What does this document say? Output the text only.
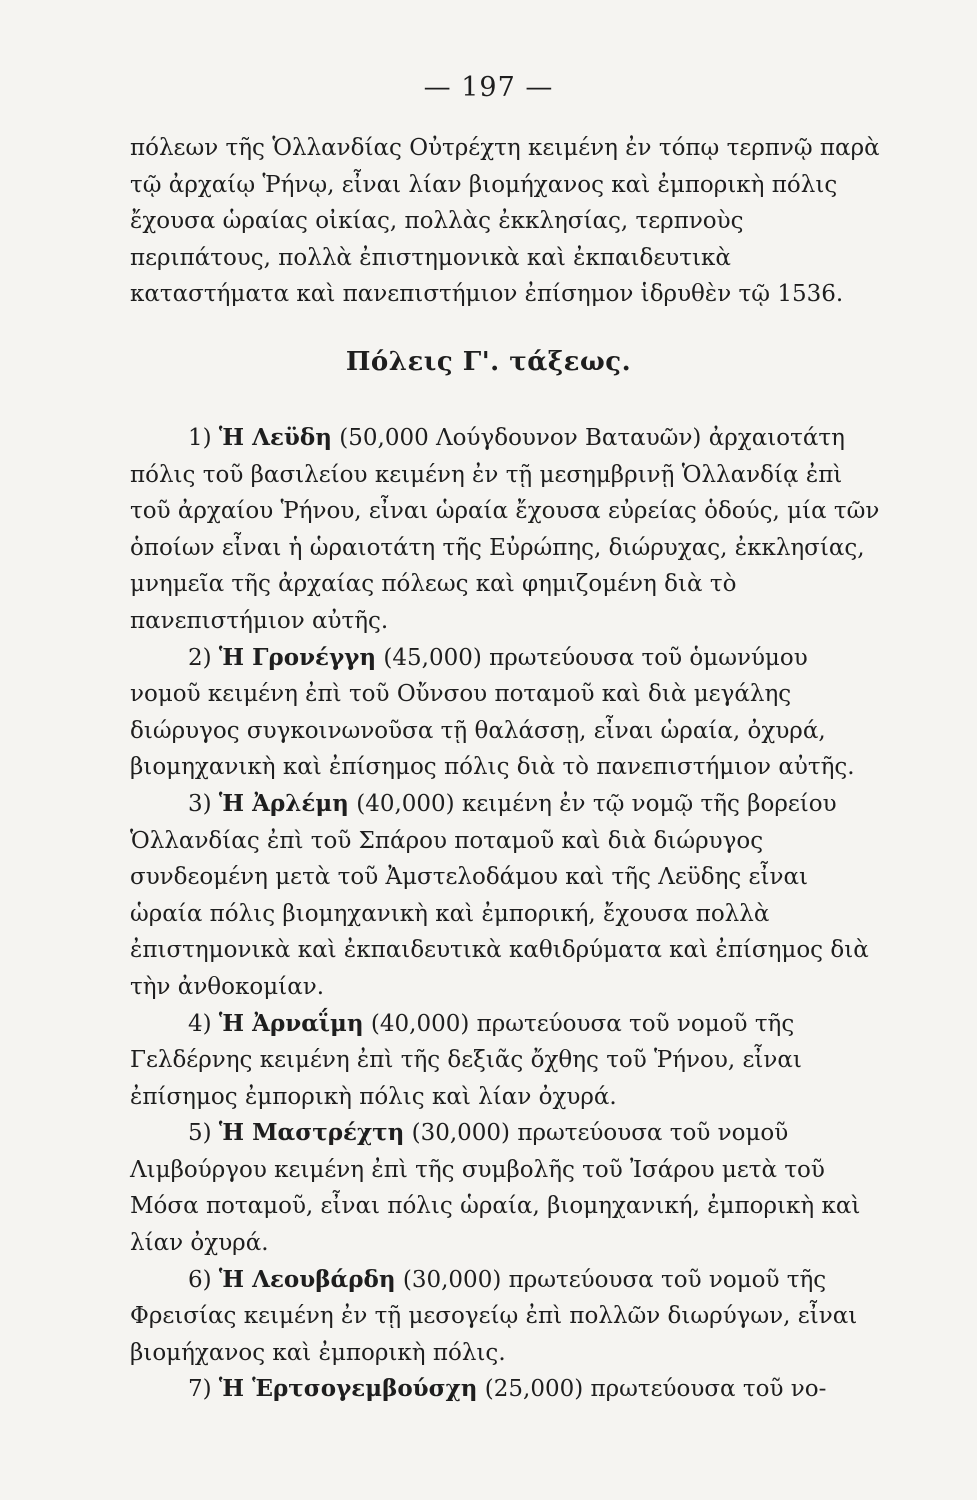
— 197 —

πόλεων τῆς Ὁλλανδίας Οὐτρέχτη κειμένη ἐν τόπῳ τερπνῷ παρὰ τῷ ἀρχαίῳ Ῥήνῳ, εἶναι λίαν βιομήχανος καὶ ἐμπορικὴ πόλις ἔχουσα ὡραίας οἰκίας, πολλὰς ἐκκλησίας, τερπνοὺς περιπάτους, πολλὰ ἐπιστημονικὰ καὶ ἐκπαιδευτικὰ καταστήματα καὶ πανεπιστήμιον ἐπίσημον ἱδρυθὲν τῷ 1536.

Πόλεις Γ'. τάξεως.

1) Ἡ Λεϋδη (50,000 Λούγδουνον Βαταυῶν) ἀρχαιοτάτη πόλις τοῦ βασιλείου κειμένη ἐν τῇ μεσημβρινῇ Ὁλλανδίᾳ ἐπὶ τοῦ ἀρχαίου Ῥήνου, εἶναι ὡραία ἔχουσα εὐρείας ὁδούς, μία τῶν ὁποίων εἶναι ἡ ὡραιοτάτη τῆς Εὐρώπης, διώρυχας, ἐκκλησίας, μνημεῖα τῆς ἀρχαίας πόλεως καὶ φημιζομένη διὰ τὸ πανεπιστήμιον αὐτῆς.

2) Ἡ Γρονέγγη (45,000) πρωτεύουσα τοῦ ὁμωνύμου νομοῦ κειμένη ἐπὶ τοῦ Οὔνσου ποταμοῦ καὶ διὰ μεγάλης διώρυγος συγκοινωνοῦσα τῇ θαλάσσῃ, εἶναι ὡραία, ὀχυρά, βιομηχανικὴ καὶ ἐπίσημος πόλις διὰ τὸ πανεπιστήμιον αὐτῆς.

3) Ἡ Ἀρλέμη (40,000) κειμένη ἐν τῷ νομῷ τῆς βορείου Ὁλλανδίας ἐπὶ τοῦ Σπάρου ποταμοῦ καὶ διὰ διώρυγος συνδεομένη μετὰ τοῦ Ἀμστελοδάμου καὶ τῆς Λεϋδης εἶναι ὡραία πόλις βιομηχανικὴ καὶ ἐμπορική, ἔχουσα πολλὰ ἐπιστημονικὰ καὶ ἐκπαιδευτικὰ καθιδρύματα καὶ ἐπίσημος διὰ τὴν ἀνθοκομίαν.

4) Ἡ Ἀρναΐμη (40,000) πρωτεύουσα τοῦ νομοῦ τῆς Γελδέρνης κειμένη ἐπὶ τῆς δεξιᾶς ὄχθης τοῦ Ῥήνου, εἶναι ἐπίσημος ἐμπορικὴ πόλις καὶ λίαν ὀχυρά.

5) Ἡ Μαστρέχτη (30,000) πρωτεύουσα τοῦ νομοῦ Λιμβούργου κειμένη ἐπὶ τῆς συμβολῆς τοῦ Ἰσάρου μετὰ τοῦ Μόσα ποταμοῦ, εἶναι πόλις ὡραία, βιομηχανική, ἐμπορικὴ καὶ λίαν ὀχυρά.

6) Ἡ Λεουβάρδη (30,000) πρωτεύουσα τοῦ νομοῦ τῆς Φρεισίας κειμένη ἐν τῇ μεσογείῳ ἐπὶ πολλῶν διωρύγων, εἶναι βιομήχανος καὶ ἐμπορικὴ πόλις.

7) Ἡ Ἑρτσογεμβούσχη (25,000) πρωτεύουσα τοῦ νο-
